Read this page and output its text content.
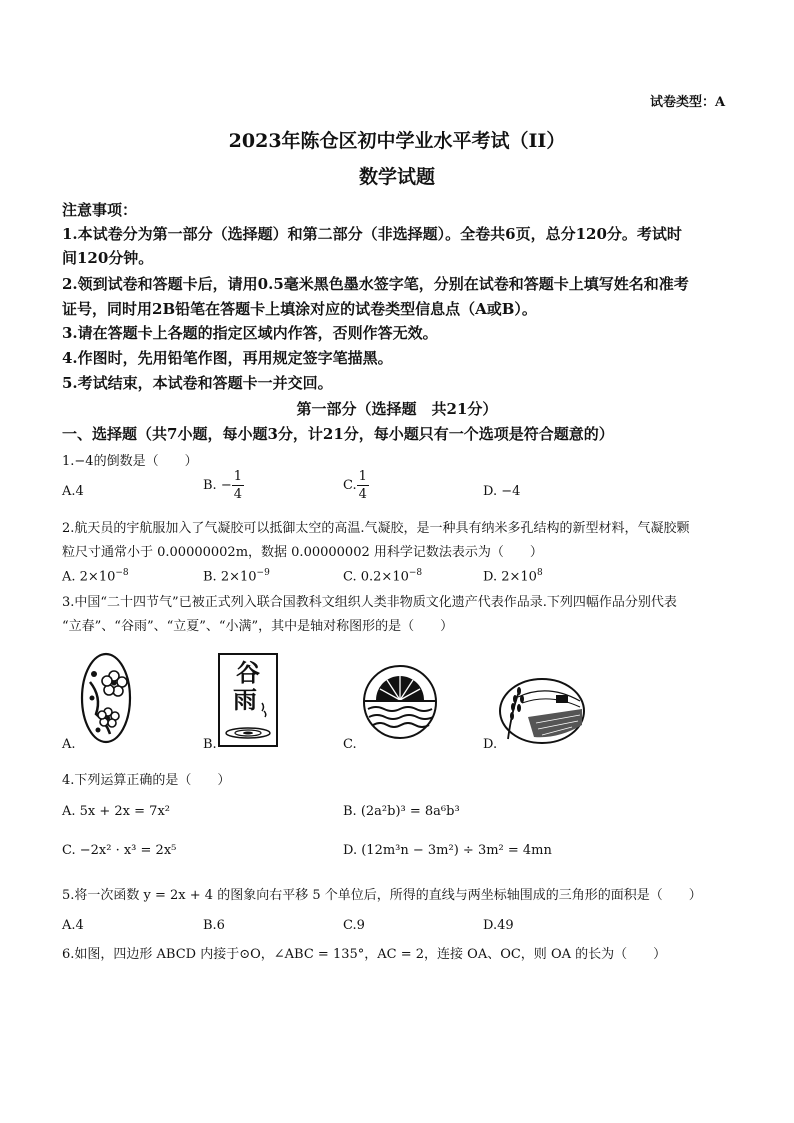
试卷类型：A
2023年陈仓区初中学业水平考试（II）
数学试题
注意事项：
1.本试卷分为第一部分（选择题）和第二部分（非选择题）。全卷共6页，总分120分。考试时
间120分钟。
2.领到试卷和答题卡后，请用0.5毫米黑色墨水签字笔，分别在试卷和答题卡上填写姓名和准考
证号，同时用2B铅笔在答题卡上填涂对应的试卷类型信息点（A或B）。
3.请在答题卡上各题的指定区域内作答，否则作答无效。
4.作图时，先用铅笔作图，再用规定签字笔描黑。
5.考试结束，本试卷和答题卡一并交回。
第一部分（选择题　共21分）
一、选择题（共7小题，每小题3分，计21分，每小题只有一个选项是符合题意的）
1.−4的倒数是（　　）
A.4	B. − $\frac{1}{4}$	C. $\frac{1}{4}$	D. −4
2.航天员的宇航服加入了气凝胶可以抵御太空的高温.气凝胶，是一种具有纳米多孔结构的新型材料，气凝胶颗
粒尺寸通常小于 0.00000002m，数据 0.00000002 用科学记数法表示为（　　）
A. $2\times 10^{-8}$	B. $2\times 10^{-9}$	C. $0.2\times 10^{-8}$	D. $2\times 10^8$
3.中国“二十四节气”已被正式列入联合国教科文组织人类非物质文化遗产代表作品录.下列四幅作品分别代表
“立春”、“谷雨”、“立夏”、“小满”，其中是轴对称图形的是（　　）
谷
雨
A.	B.	C.	D.
4.下列运算正确的是（　　）
A. 5x + 2x = 7x²	B. (2a²b)³ = 8a⁶b³
C. −2x² · x³ = 2x⁵	D. (12m³n − 3m²) ÷ 3m² = 4mn
5.将一次函数 y = 2x + 4 的图象向右平移 5 个单位后，所得的直线与两坐标轴围成的三角形的面积是（　　）
A.4	B.6	C.9	D.49
6.如图，四边形 ABCD 内接于⊙O，∠ABC = 135°，AC = 2，连接 OA、OC，则 OA 的长为（　　）
